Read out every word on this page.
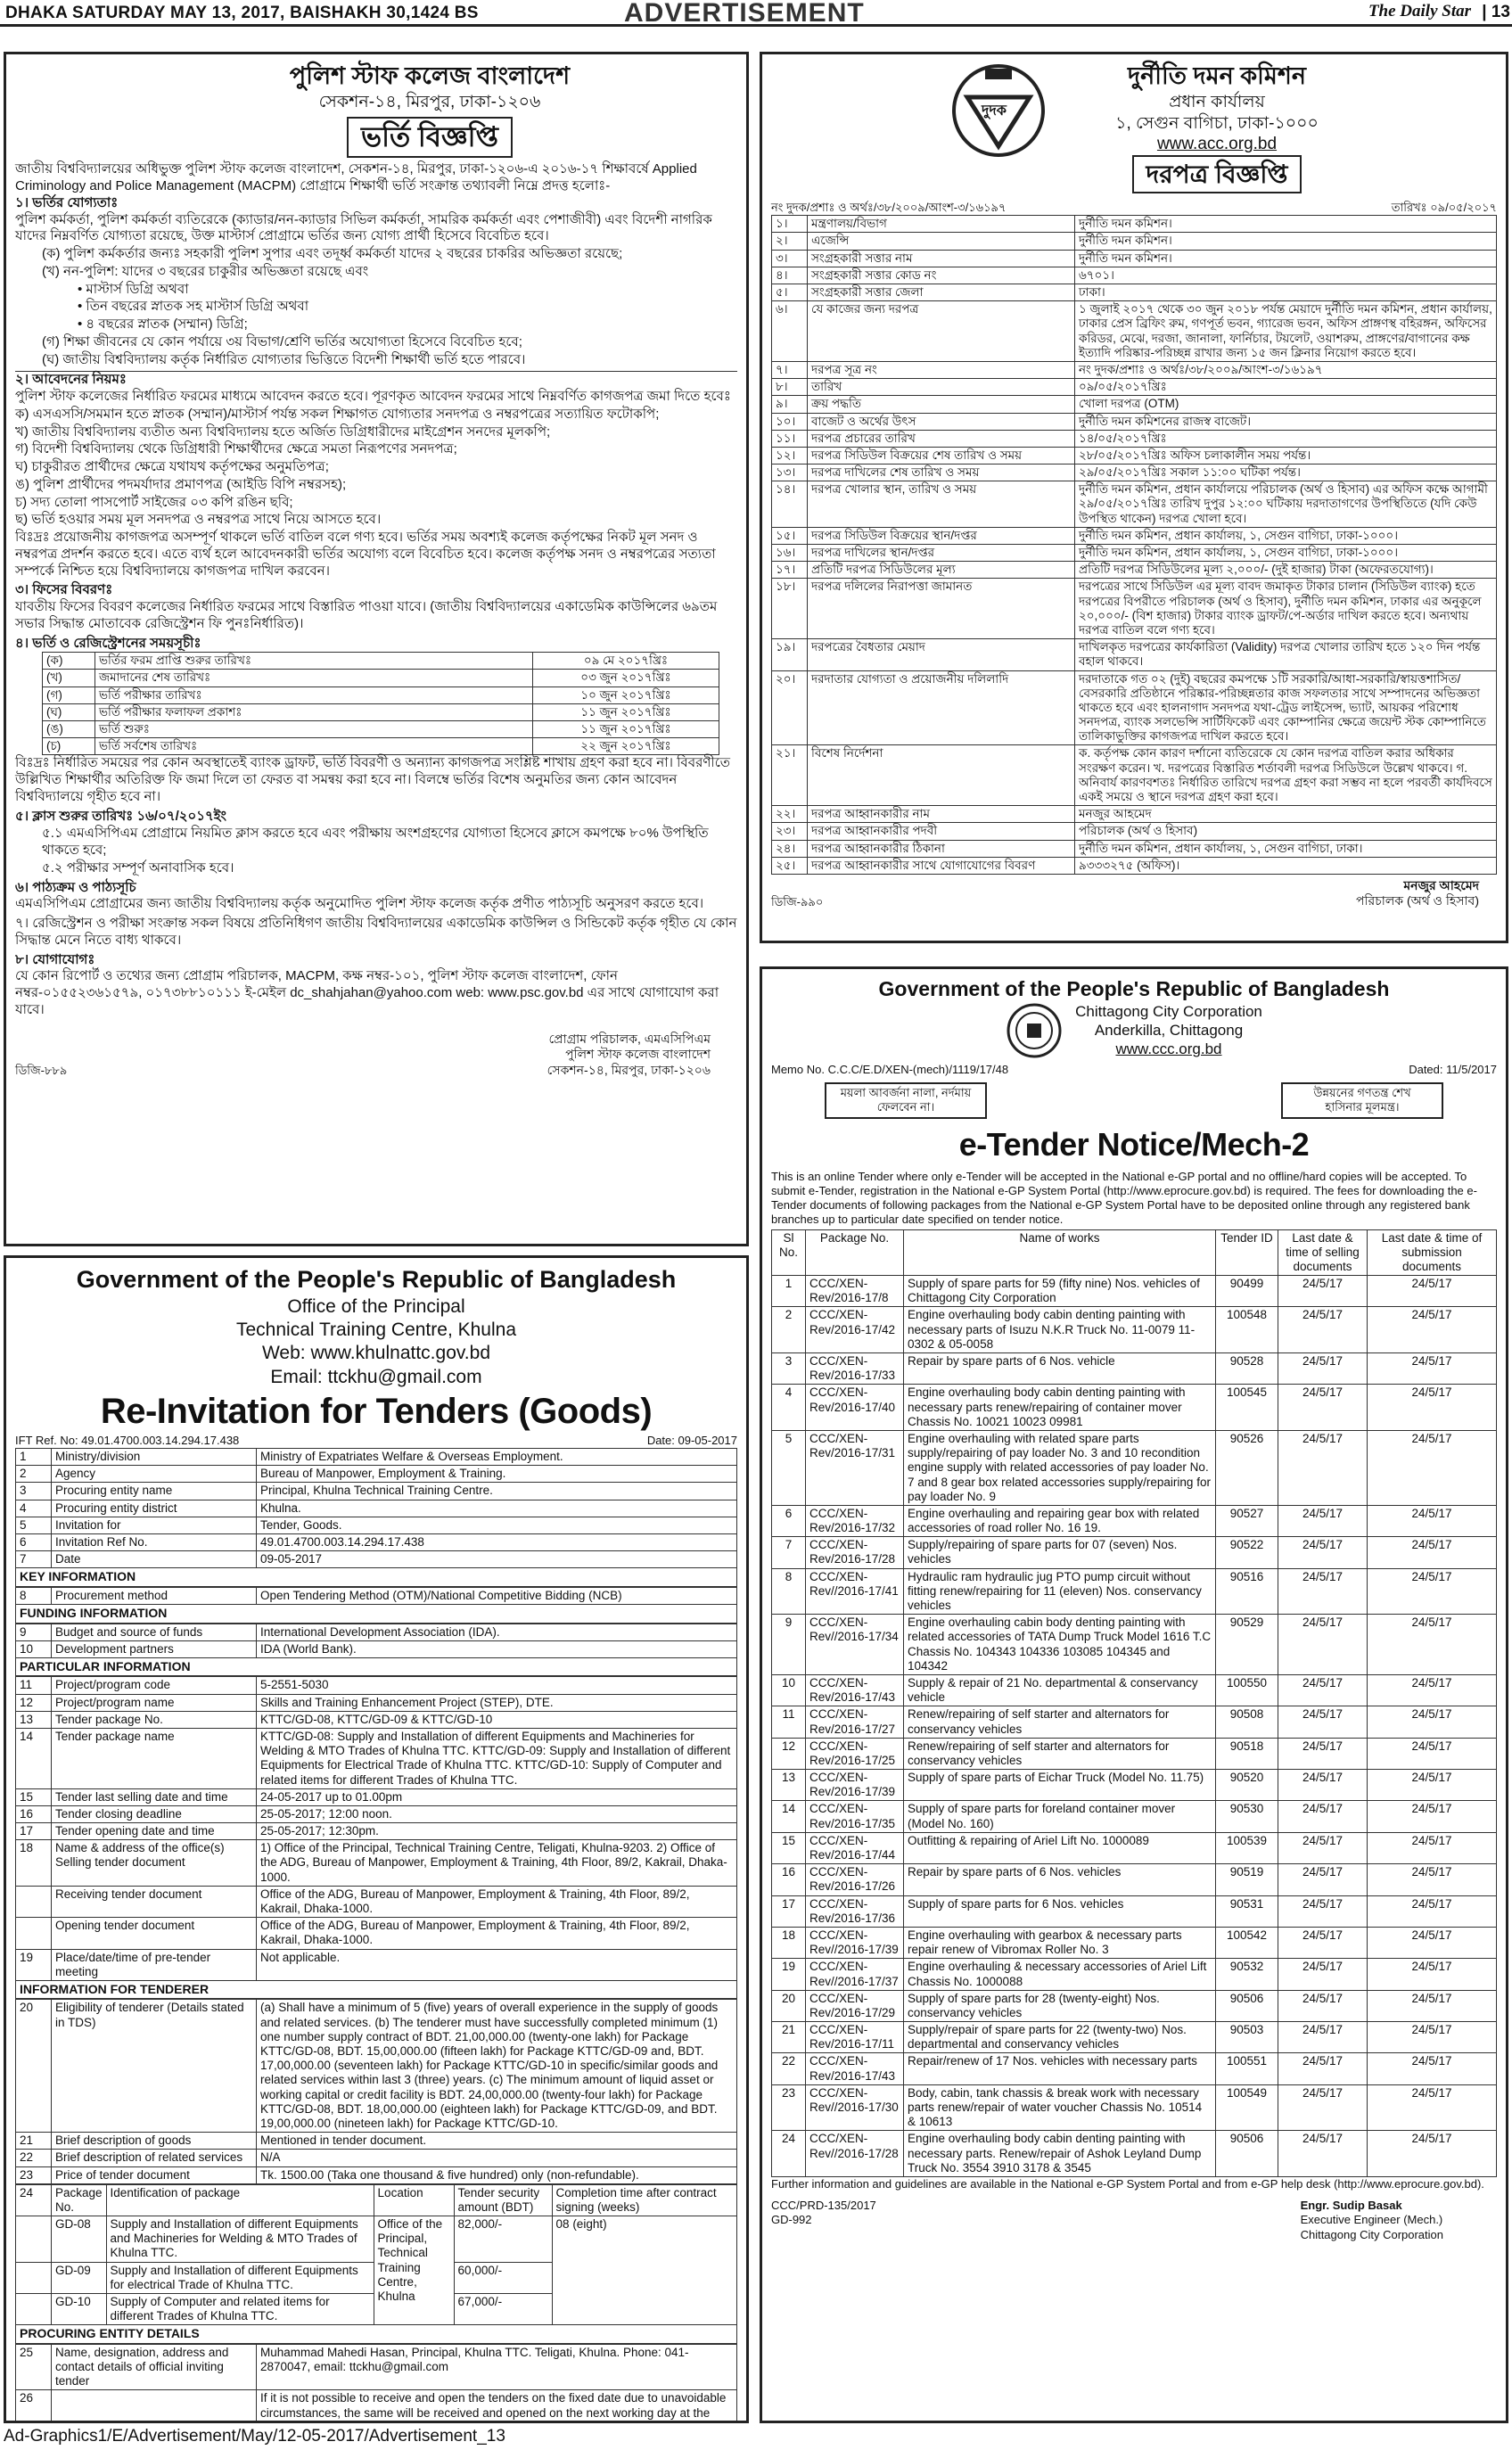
DHAKA SATURDAY MAY 13, 2017, BAISHAKH 30,1424 BS	ADVERTISEMENT	The Daily Star | 13
পুলিশ স্টাফ কলেজ বাংলাদেশ
সেকশন-১৪, মিরপুর, ঢাকা-১২০৬
ভর্তি বিজ্ঞপ্তি
জাতীয় বিশ্ববিদ্যালয়ের অধিভুক্ত পুলিশ স্টাফ কলেজ বাংলাদেশ, সেকশন-১৪, মিরপুর, ঢাকা-১২০৬-এ ২০১৬-১৭ শিক্ষাবর্ষে Applied Criminology and Police Management (MACPM) প্রোগ্রামে শিক্ষার্থী ভর্তি সংক্রান্ত তথ্যাবলী নিম্নে প্রদত্ত হলোঃ-
১। ভর্তির যোগ্যতাঃ
পুলিশ কর্মকর্তা, পুলিশ কর্মকর্তা ব্যতিরেকে (ক্যাডার/নন-ক্যাডার সিভিল কর্মকর্তা, সামরিক কর্মকর্তা এবং পেশাজীবী) এবং বিদেশী নাগরিক যাদের নিম্নবর্ণিত যোগ্যতা রয়েছে, উক্ত মাস্টার্স প্রোগ্রামে ভর্তির জন্য যোগ্য প্রার্থী হিসেবে বিবেচিত হবে।
(ক) পুলিশ কর্মকর্তার জন্যঃ সহকারী পুলিশ সুপার এবং তদূর্ধ্ব কর্মকর্তা যাদের ২ বছরের চাকরির অভিজ্ঞতা রয়েছে;
(খ) নন-পুলিশ: যাদের ৩ বছরের চাকুরীর অভিজ্ঞতা রয়েছে এবং
• মাস্টার্স ডিগ্রি অথবা
• তিন বছরের স্নাতক সহ মাস্টার্স ডিগ্রি অথবা
• ৪ বছরের স্নাতক (সম্মান) ডিগ্রি;
(গ) শিক্ষা জীবনের যে কোন পর্যায়ে ৩য় বিভাগ/শ্রেণি ভর্তির অযোগ্যতা হিসেবে বিবেচিত হবে;
(ঘ) জাতীয় বিশ্ববিদ্যালয় কর্তৃক নির্ধারিত যোগ্যতার ভিত্তিতে বিদেশী শিক্ষার্থী ভর্তি হতে পারবে।
২। আবেদনের নিয়মঃ
পুলিশ স্টাফ কলেজের নির্ধারিত ফরমের মাধ্যমে আবেদন করতে হবে। পূরণকৃত আবেদন ফরমের সাথে নিম্নবর্ণিত কাগজপত্র জমা দিতে হবেঃ
ক) এসএসসি/সমমান হতে স্নাতক (সম্মান)/মাস্টার্স পর্যন্ত সকল শিক্ষাগত যোগ্যতার সনদপত্র ও নম্বরপত্রের সত্যায়িত ফটোকপি;
খ) জাতীয় বিশ্ববিদ্যালয় ব্যতীত অন্য বিশ্ববিদ্যালয় হতে অর্জিত ডিগ্রিধারীদের মাইগ্রেশন সনদের মূলকপি;
গ) বিদেশী বিশ্ববিদ্যালয় থেকে ডিগ্রিধারী শিক্ষার্থীদের ক্ষেত্রে সমতা নিরূপণের সনদপত্র;
ঘ) চাকুরীরত প্রার্থীদের ক্ষেত্রে যথাযথ কর্তৃপক্ষের অনুমতিপত্র;
ঙ) পুলিশ প্রার্থীদের পদমর্যাদার প্রমাণপত্র (আইডি বিপি নম্বরসহ);
চ) সদ্য তোলা পাসপোর্ট সাইজের ০৩ কপি রঙিন ছবি;
ছ) ভর্তি হওয়ার সময় মূল সনদপত্র ও নম্বরপত্র সাথে নিয়ে আসতে হবে।
বিঃদ্রঃ প্রয়োজনীয় কাগজপত্র অসম্পূর্ণ থাকলে ভর্তি বাতিল বলে গণ্য হবে। ভর্তির সময় অবশ্যই কলেজ কর্তৃপক্ষের নিকট মূল সনদ ও নম্বরপত্র প্রদর্শন করতে হবে। এতে ব্যর্থ হলে আবেদনকারী ভর্তির অযোগ্য বলে বিবেচিত হবে। কলেজ কর্তৃপক্ষ সনদ ও নম্বরপত্রের সত্যতা সম্পর্কে নিশ্চিত হয়ে বিশ্ববিদ্যালয়ে কাগজপত্র দাখিল করবেন।
৩। ফিসের বিবরণঃ
যাবতীয় ফিসের বিবরণ কলেজের নির্ধারিত ফরমের সাথে বিস্তারিত পাওয়া যাবে। (জাতীয় বিশ্ববিদ্যালয়ের একাডেমিক কাউন্সিলের ৬৯তম সভার সিদ্ধান্ত মোতাবেক রেজিস্ট্রেশন ফি পুনঃনির্ধারিত)।
৪। ভর্তি ও রেজিস্ট্রেশনের সময়সূচীঃ
(ক)	ভর্তির ফরম প্রাপ্তি শুরুর তারিখঃ	০৯ মে ২০১৭খ্রিঃ
(খ)	জমাদানের শেষ তারিখঃ	০৩ জুন ২০১৭খ্রিঃ
(গ)	ভর্তি পরীক্ষার তারিখঃ	১০ জুন ২০১৭খ্রিঃ
(ঘ)	ভর্তি পরীক্ষার ফলাফল প্রকাশঃ	১১ জুন ২০১৭খ্রিঃ
(ঙ)	ভর্তি শুরুঃ	১১ জুন ২০১৭খ্রিঃ
(চ)	ভর্তি সর্বশেষ তারিখঃ	২২ জুন ২০১৭খ্রিঃ
বিঃদ্রঃ নির্ধারিত সময়ের পর কোন অবস্থাতেই ব্যাংক ড্রাফট, ভর্তি বিবরণী ও অন্যান্য কাগজপত্র সংশ্লিষ্ট শাখায় গ্রহণ করা হবে না। বিবরণীতে উল্লিখিত শিক্ষার্থীর অতিরিক্ত ফি জমা দিলে তা ফেরত বা সমন্বয় করা হবে না। বিলম্বে ভর্তির বিশেষ অনুমতির জন্য কোন আবেদন বিশ্ববিদ্যালয়ে গৃহীত হবে না।
৫। ক্লাস শুরুর তারিখঃ ১৬/০৭/২০১৭ইং
৫.১ এমএসিপিএম প্রোগ্রামে নিয়মিত ক্লাস করতে হবে এবং পরীক্ষায় অংশগ্রহণের যোগ্যতা হিসেবে ক্লাসে কমপক্ষে ৮০% উপস্থিতি থাকতে হবে;
৫.২ পরীক্ষার সম্পূর্ণ অনাবাসিক হবে।
৬। পাঠ্যক্রম ও পাঠ্যসূচি
এমএসিপিএম প্রোগ্রামের জন্য জাতীয় বিশ্ববিদ্যালয় কর্তৃক অনুমোদিত পুলিশ স্টাফ কলেজ কর্তৃক প্রণীত পাঠ্যসূচি অনুসরণ করতে হবে।
৭। রেজিস্ট্রেশন ও পরীক্ষা সংক্রান্ত সকল বিষয়ে প্রতিনিধিগণ জাতীয় বিশ্ববিদ্যালয়ের একাডেমিক কাউন্সিল ও সিন্ডিকেট কর্তৃক গৃহীত যে কোন সিদ্ধান্ত মেনে নিতে বাধ্য থাকবে।
৮। যোগাযোগঃ
যে কোন রিপোর্ট ও তথ্যের জন্য প্রোগ্রাম পরিচালক, MACPM, কক্ষ নম্বর-১০১, পুলিশ স্টাফ কলেজ বাংলাদেশ, ফোন নম্বর-০১৫৫২৩৬১৫৭৯, ০১৭৩৮৮১০১১১ ই-মেইল dc_shahjahan@yahoo.com web: www.psc.gov.bd এর সাথে যোগাযোগ করা যাবে।
প্রোগ্রাম পরিচালক, এমএসিপিএম
পুলিশ স্টাফ কলেজ বাংলাদেশ
সেকশন-১৪, মিরপুর, ঢাকা-১২০৬
ডিজি-৮৮৯
দুদক
দুর্নীতি দমন কমিশন
প্রধান কার্যালয়
১, সেগুন বাগিচা, ঢাকা-১০০০
www.acc.org.bd
দরপত্র বিজ্ঞপ্তি
নং দুদক/প্রশাঃ ও অর্থঃ/৩৮/২০০৯/আংশ-৩/১৬১৯৭	তারিখঃ ০৯/০৫/২০১৭
১।	মন্ত্রণালয়/বিভাগ	দুর্নীতি দমন কমিশন।
২।	এজেন্সি	দুর্নীতি দমন কমিশন।
৩।	সংগ্রহকারী সত্তার নাম	দুর্নীতি দমন কমিশন।
৪।	সংগ্রহকারী সত্তার কোড নং	৬৭০১।
৫।	সংগ্রহকারী সত্তার জেলা	ঢাকা।
৬।	যে কাজের জন্য দরপত্র	১ জুলাই ২০১৭ থেকে ৩০ জুন ২০১৮ পর্যন্ত মেয়াদে দুর্নীতি দমন কমিশন, প্রধান কার্যালয়, ঢাকার প্রেস ব্রিফিং রুম, গণপূর্ত ভবন, গ্যারেজ ভবন, অফিস প্রাঙ্গণস্থ বহিরঙ্গন, অফিসের করিডর, মেঝে, দরজা, জানালা, ফার্নিচার, টয়লেট, ওয়াশরুম, প্রাঙ্গণের/বাগানের কক্ষ ইত্যাদি পরিষ্কার-পরিচ্ছন্ন রাখার জন্য ১৫ জন ক্লিনার নিয়োগ করতে হবে।
৭।	দরপত্র সূত্র নং	নং দুদক/প্রশাঃ ও অর্থঃ/৩৮/২০০৯/আংশ-৩/১৬১৯৭
৮।	তারিখ	০৯/০৫/২০১৭খ্রিঃ
৯।	ক্রয় পদ্ধতি	খোলা দরপত্র (OTM)
১০।	বাজেট ও অর্থের উৎস	দুর্নীতি দমন কমিশনের রাজস্ব বাজেট।
১১।	দরপত্র প্রচারের তারিখ	১৪/০৫/২০১৭খ্রিঃ
১২।	দরপত্র সিডিউল বিক্রয়ের শেষ তারিখ ও সময়	২৮/০৫/২০১৭খ্রিঃ অফিস চলাকালীন সময় পর্যন্ত।
১৩।	দরপত্র দাখিলের শেষ তারিখ ও সময়	২৯/০৫/২০১৭খ্রিঃ সকাল ১১:০০ ঘটিকা পর্যন্ত।
১৪।	দরপত্র খোলার স্থান, তারিখ ও সময়	দুর্নীতি দমন কমিশন, প্রধান কার্যালয়ে পরিচালক (অর্থ ও হিসাব) এর অফিস কক্ষে আগামী ২৯/০৫/২০১৭খ্রিঃ তারিখ দুপুর ১২:০০ ঘটিকায় দরদাতাগণের উপস্থিতিতে (যদি কেউ উপস্থিত থাকেন) দরপত্র খোলা হবে।
১৫।	দরপত্র সিডিউল বিক্রয়ের স্থান/দপ্তর	দুর্নীতি দমন কমিশন, প্রধান কার্যালয়, ১, সেগুন বাগিচা, ঢাকা-১০০০।
১৬।	দরপত্র দাখিলের স্থান/দপ্তর	দুর্নীতি দমন কমিশন, প্রধান কার্যালয়, ১, সেগুন বাগিচা, ঢাকা-১০০০।
১৭।	প্রতিটি দরপত্র সিডিউলের মূল্য	প্রতিটি দরপত্র সিডিউলের মূল্য ২,০০০/- (দুই হাজার) টাকা (অফেরতযোগ্য)।
১৮।	দরপত্র দলিলের নিরাপত্তা জামানত	দরপত্রের সাথে সিডিউল এর মূল্য বাবদ জমাকৃত টাকার চালান (সিডিউল ব্যাংক) হতে দরপত্রের বিপরীতে পরিচালক (অর্থ ও হিসাব), দুর্নীতি দমন কমিশন, ঢাকার এর অনুকূলে ২০,০০০/- (বিশ হাজার) টাকার ব্যাংক ড্রাফট/পে-অর্ডার দাখিল করতে হবে। অন্যথায় দরপত্র বাতিল বলে গণ্য হবে।
১৯।	দরপত্রের বৈধতার মেয়াদ	দাখিলকৃত দরপত্রের কার্যকারিতা (Validity) দরপত্র খোলার তারিখ হতে ১২০ দিন পর্যন্ত বহাল থাকবে।
২০।	দরদাতার যোগ্যতা ও প্রয়োজনীয় দলিলাদি	দরদাতাকে গত ০২ (দুই) বছরের কমপক্ষে ১টি সরকারি/আধা-সরকারি/স্বায়ত্তশাসিত/বেসরকারি প্রতিষ্ঠানে পরিষ্কার-পরিচ্ছন্নতার কাজ সফলতার সাথে সম্পাদনের অভিজ্ঞতা থাকতে হবে এবং হালনাগাদ সনদপত্র যথা-ট্রেড লাইসেন্স, ভ্যাট, আয়কর পরিশোধ সনদপত্র, ব্যাংক সলভেন্সি সার্টিফিকেট এবং কোম্পানির ক্ষেত্রে জয়েন্ট স্টক কোম্পানিতে তালিকাভুক্তির কাগজপত্র দাখিল করতে হবে।
২১।	বিশেষ নির্দেশনা	ক. কর্তৃপক্ষ কোন কারণ দর্শানো ব্যতিরেকে যে কোন দরপত্র বাতিল করার অধিকার সংরক্ষণ করেন। খ. দরপত্রের বিস্তারিত শর্তাবলী দরপত্র সিডিউলে উল্লেখ থাকবে। গ. অনিবার্য কারণবশতঃ নির্ধারিত তারিখে দরপত্র গ্রহণ করা সম্ভব না হলে পরবর্তী কার্যদিবসে একই সময়ে ও স্থানে দরপত্র গ্রহণ করা হবে।
২২।	দরপত্র আহ্বানকারীর নাম	মনজুর আহমেদ
২৩।	দরপত্র আহ্বানকারীর পদবী	পরিচালক (অর্থ ও হিসাব)
২৪।	দরপত্র আহ্বানকারীর ঠিকানা	দুর্নীতি দমন কমিশন, প্রধান কার্যালয়, ১, সেগুন বাগিচা, ঢাকা।
২৫।	দরপত্র আহ্বানকারীর সাথে যোগাযোগের বিবরণ	৯৩৩৩২৭৫ (অফিস)।
মনজুর আহমেদ
পরিচালক (অর্থ ও হিসাব)
ডিজি-৯৯০
Government of the People's Republic of Bangladesh
Office of the Principal
Technical Training Centre, Khulna
Web: www.khulnattc.gov.bd
Email: ttckhu@gmail.com
Re-Invitation for Tenders (Goods)
IFT Ref. No: 49.01.4700.003.14.294.17.438	Date: 09-05-2017
1	Ministry/division	Ministry of Expatriates Welfare & Overseas Employment.
2	Agency	Bureau of Manpower, Employment & Training.
3	Procuring entity name	Principal, Khulna Technical Training Centre.
4	Procuring entity district	Khulna.
5	Invitation for	Tender, Goods.
6	Invitation Ref No.	49.01.4700.003.14.294.17.438
7	Date	09-05-2017
KEY INFORMATION
8	Procurement method	Open Tendering Method (OTM)/National Competitive Bidding (NCB)
FUNDING INFORMATION
9	Budget and source of funds	International Development Association (IDA).
10	Development partners	IDA (World Bank).
PARTICULAR INFORMATION
11	Project/program code	5-2551-5030
12	Project/program name	Skills and Training Enhancement Project (STEP), DTE.
13	Tender package No.	KTTC/GD-08, KTTC/GD-09 & KTTC/GD-10
14	Tender package name	KTTC/GD-08: Supply and Installation of different Equipments and Machineries for Welding & MTO Trades of Khulna TTC. KTTC/GD-09: Supply and Installation of different Equipments for Electrical Trade of Khulna TTC. KTTC/GD-10: Supply of Computer and related items for different Trades of Khulna TTC.
15	Tender last selling date and time	24-05-2017 up to 01.00pm
16	Tender closing deadline	25-05-2017; 12:00 noon.
17	Tender opening date and time	25-05-2017; 12:30pm.
18	Name & address of the office(s) Selling tender document	1) Office of the Principal, Technical Training Centre, Teligati, Khulna-9203. 2) Office of the ADG, Bureau of Manpower, Employment & Training, 4th Floor, 89/2, Kakrail, Dhaka-1000.
	Receiving tender document	Office of the ADG, Bureau of Manpower, Employment & Training, 4th Floor, 89/2, Kakrail, Dhaka-1000.
	Opening tender document	Office of the ADG, Bureau of Manpower, Employment & Training, 4th Floor, 89/2, Kakrail, Dhaka-1000.
19	Place/date/time of pre-tender meeting	Not applicable.
INFORMATION FOR TENDERER
20	Eligibility of tenderer (Details stated in TDS)	(a) Shall have a minimum of 5 (five) years of overall experience in the supply of goods and related services. (b) The tenderer must have successfully completed minimum (1) one number supply contract of BDT. 21,00,000.00 (twenty-one lakh) for Package KTTC/GD-08, BDT. 15,00,000.00 (fifteen lakh) for Package KTTC/GD-09 and, BDT. 17,00,000.00 (seventeen lakh) for Package KTTC/GD-10 in specific/similar goods and related services within last 3 (three) years. (c) The minimum amount of liquid asset or working capital or credit facility is BDT. 24,00,000.00 (twenty-four lakh) for Package KTTC/GD-08, BDT. 18,00,000.00 (eighteen lakh) for Package KTTC/GD-09, and BDT. 19,00,000.00 (nineteen lakh) for Package KTTC/GD-10.
21	Brief description of goods	Mentioned in tender document.
22	Brief description of related services	N/A
23	Price of tender document	Tk. 1500.00 (Taka one thousand & five hundred) only (non-refundable).
24	Package No.	Identification of package	Location	Tender security amount (BDT)	Completion time after contract signing (weeks)
	GD-08	Supply and Installation of different Equipments and Machineries for Welding & MTO Trades of Khulna TTC.	Office of the Principal, Technical Training Centre, Khulna	82,000/-	08 (eight)
	GD-09	Supply and Installation of different Equipments for electrical Trade of Khulna TTC.		60,000/-	
	GD-10	Supply of Computer and related items for different Trades of Khulna TTC.		67,000/-	
PROCURING ENTITY DETAILS
25	Name, designation, address and contact details of official inviting tender	Muhammad Mahedi Hasan, Principal, Khulna TTC. Teligati, Khulna. Phone: 041-2870047, email: ttckhu@gmail.com
26		If it is not possible to receive and open the tenders on the fixed date due to unavoidable circumstances, the same will be received and opened on the next working day at the

Government of the People's Republic of Bangladesh
Chittagong City Corporation
Anderkilla, Chittagong
www.ccc.org.bd
Memo No. C.C.C/E.D/XEN-(mech)/1119/17/48	Dated: 11/5/2017
ময়লা আবর্জনা নালা, নর্দমায় ফেলবেন না।
উন্নয়নের গণতন্ত্র শেখ হাসিনার মূলমন্ত্র।
e-Tender Notice/Mech-2
This is an online Tender where only e-Tender will be accepted in the National e-GP portal and no offline/hard copies will be accepted. To submit e-Tender, registration in the National e-GP System Portal (http://www.eprocure.gov.bd) is required. The fees for downloading the e-Tender documents of following packages from the National e-GP System Portal have to be deposited online through any registered bank branches up to particular date specified on tender notice.
Sl No.	Package No.	Name of works	Tender ID	Last date & time of selling documents	Last date & time of submission documents
1	CCC/XEN-Rev/2016-17/8	Supply of spare parts for 59 (fifty nine) Nos. vehicles of Chittagong City Corporation	90499	24/5/17	24/5/17
2	CCC/XEN-Rev/2016-17/42	Engine overhauling body cabin denting painting with necessary parts of Isuzu N.K.R Truck No. 11-0079 11-0302 & 05-0058	100548	24/5/17	24/5/17
3	CCC/XEN-Rev/2016-17/33	Repair by spare parts of 6 Nos. vehicle	90528	24/5/17	24/5/17
4	CCC/XEN-Rev/2016-17/40	Engine overhauling body cabin denting painting with necessary parts renew/repairing of container mover Chassis No. 10021 10023 09981	100545	24/5/17	24/5/17
5	CCC/XEN-Rev/2016-17/31	Engine overhauling with related spare parts supply/repairing of pay loader No. 3 and 10 recondition engine supply with related accessories of pay loader No. 7 and 8 gear box related accessories supply/repairing for pay loader No. 9	90526	24/5/17	24/5/17
6	CCC/XEN-Rev/2016-17/32	Engine overhauling and repairing gear box with related accessories of road roller No. 16 19.	90527	24/5/17	24/5/17
7	CCC/XEN-Rev/2016-17/28	Supply/repairing of spare parts for 07 (seven) Nos. vehicles	90522	24/5/17	24/5/17
8	CCC/XEN-Rev//2016-17/41	Hydraulic ram hydraulic jug PTO pump circuit without fitting renew/repairing for 11 (eleven) Nos. conservancy vehicles	90516	24/5/17	24/5/17
9	CCC/XEN-Rev//2016-17/34	Engine overhauling cabin body denting painting with related accessories of TATA Dump Truck Model 1616 T.C Chassis No. 104343 104336 103085 104345 and 104342	90529	24/5/17	24/5/17
10	CCC/XEN-Rev/2016-17/43	Supply & repair of 21 No. departmental & conservancy vehicle	100550	24/5/17	24/5/17
11	CCC/XEN-Rev/2016-17/27	Renew/repairing of self starter and alternators for conservancy vehicles	90508	24/5/17	24/5/17
12	CCC/XEN-Rev/2016-17/25	Renew/repairing of self starter and alternators for conservancy vehicles	90518	24/5/17	24/5/17
13	CCC/XEN-Rev/2016-17/39	Supply of spare parts of Eichar Truck (Model No. 11.75)	90520	24/5/17	24/5/17
14	CCC/XEN-Rev/2016-17/35	Supply of spare parts for foreland container mover (Model No. 160)	90530	24/5/17	24/5/17
15	CCC/XEN-Rev/2016-17/44	Outfitting & repairing of Ariel Lift No. 1000089	100539	24/5/17	24/5/17
16	CCC/XEN-Rev/2016-17/26	Repair by spare parts of 6 Nos. vehicles	90519	24/5/17	24/5/17
17	CCC/XEN-Rev/2016-17/36	Supply of spare parts for 6 Nos. vehicles	90531	24/5/17	24/5/17
18	CCC/XEN-Rev//2016-17/39	Engine overhauling with gearbox & necessary parts repair renew of Vibromax Roller No. 3	100542	24/5/17	24/5/17
19	CCC/XEN-Rev//2016-17/37	Engine overhauling & necessary accessories of Ariel Lift Chassis No. 1000088	90532	24/5/17	24/5/17
20	CCC/XEN-Rev/2016-17/29	Supply of spare parts for 28 (twenty-eight) Nos. conservancy vehicles	90506	24/5/17	24/5/17
21	CCC/XEN-Rev/2016-17/11	Supply/repair of spare parts for 22 (twenty-two) Nos. departmental and conservancy vehicles	90503	24/5/17	24/5/17
22	CCC/XEN-Rev/2016-17/43	Repair/renew of 17 Nos. vehicles with necessary parts	100551	24/5/17	24/5/17
23	CCC/XEN-Rev//2016-17/30	Body, cabin, tank chassis & break work with necessary parts renew/repair of water voucher Chassis No. 10514 & 10613	100549	24/5/17	24/5/17
24	CCC/XEN-Rev//2016-17/28	Engine overhauling body cabin denting painting with necessary parts. Renew/repair of Ashok Leyland Dump Truck No. 3554 3910 3178 & 3545	90506	24/5/17	24/5/17
Further information and guidelines are available in the National e-GP System Portal and from e-GP help desk (http://www.eprocure.gov.bd).
CCC/PRD-135/2017
GD-992
Engr. Sudip Basak
Executive Engineer (Mech.)
Chittagong City Corporation
Ad-Graphics1/E/Advertisement/May/12-05-2017/Advertisement_13
